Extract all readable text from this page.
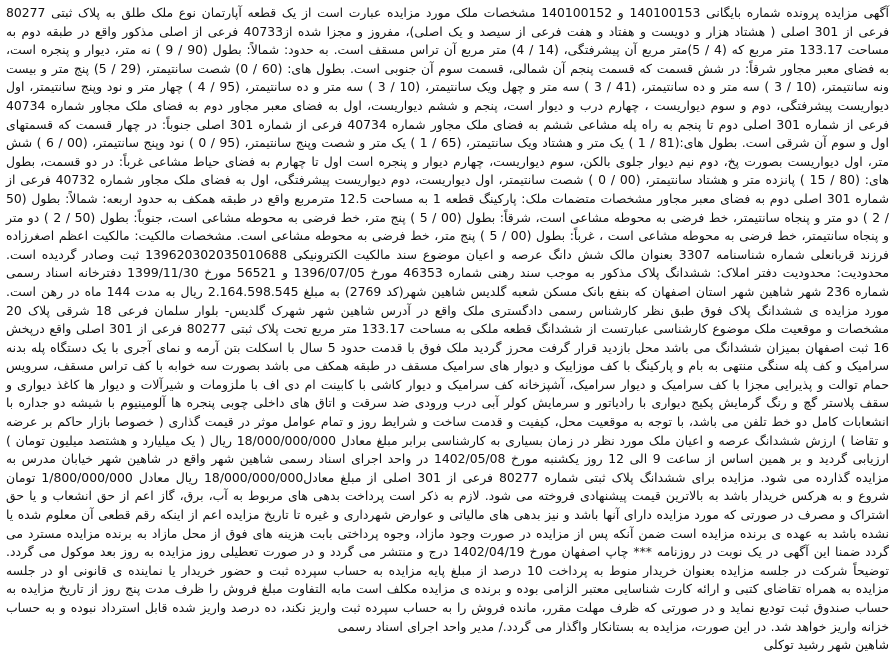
آگهی مزایده پرونده شماره بایگانی 140100153 و 140100152 مشخصات ملک مورد مزایده عبارت است از یک قطعه آپارتمان نوع ملک طلق به پلاک ثبتی 80277 فرعی از 301 اصلی ( هشتاد هزار و دویست و هفتاد و هفت فرعی از سیصد و یک اصلی)، مفروز و مجزا شده از40733 فرعی از اصلی مذکور واقع در طبقه دوم به مساحت 133.17 متر مربع که (4 / 5)متر مربع آن پیشرفتگی، (14 / 4) متر مربع آن تراس مسقف است. به حدود: شمالاً: بطول (90 / 9 ) نه متر، دیوار و پنجره است، به فضای معبر مجاور شرقاً: در شش قسمت که قسمت پنجم آن شمالی، قسمت سوم آن جنوبی است. بطول های: (60 / 0) شصت سانتیمتر، (29 / 5) پنج متر و بیست ونه سانتیمتر، (10 / 3 ) سه متر و ده سانتیمتر، (41 / 3 ) سه متر و چهل ویک سانتیمتر، (10 / 3 ) سه متر و ده سانتیمتر، (95 / 4 ) چهار متر و نود وپنج سانتیمتر، اول دیواریست پیشرفتگی، دوم و سوم دیواریست ، چهارم درب و دیوار است، پنجم و ششم دیواریست، اول به فضای معبر مجاور دوم به فضای ملک مجاور شماره 40734 فرعی از شماره 301 اصلی دوم تا پنجم به راه پله مشاعی ششم به فضای ملک مجاور شماره 40734 فرعی از شماره 301 اصلی جنوباً: در چهار قسمت که قسمتهای اول و سوم آن شرقی است. بطول های:(81 / 1 ) یک متر و هشتاد ویک سانتیمتر، (65 / 1 ) یک متر و شصت وپنج سانتیمتر، (95 / 0 ) نود وپنج سانتیمتر، (00 / 6 ) شش متر، اول دیواریست بصورت پخ، دوم نیم دیوار جلوی بالکن، سوم دیواریست، چهارم دیوار و پنجره است اول تا چهارم به فضای حیاط مشاعی غرباً: در دو قسمت، بطول های: (80 / 15 ) پانزده متر و هشتاد سانتیمتر، (00 / 0 ) شصت سانتیمتر، اول دیواریست، دوم دیواریست پیشرفتگی، اول به فضای ملک مجاور شماره 40732 فرعی از شماره 301 اصلی دوم به فضای معبر مجاور مشخصات متضمات ملک: پارکینگ قطعه 1 به مساحت 12.5 مترمربع واقع در طبقه همکف به حدود اربعه: شمالاً: بطول (50 / 2 ) دو متر و پنجاه سانتیمتر، خط فرضی به محوطه مشاعی است، شرقاً: بطول (00 / 5 ) پنج متر، خط فرضی به محوطه مشاعی است، جنوباً: بطول (50 / 2 ) دو متر و پنجاه سانتیمتر، خط فرضی به محوطه مشاعی است ، غرباً: بطول (00 / 5 ) پنج متر، خط فرضی به محوطه مشاعی است. مشخصات مالکیت: مالکیت اعظم اصغرزاده فرزند قربانعلی شماره شناسنامه 3307 بعنوان مالک شش دانگ عرصه و اعیان موضوع سند مالکیت الکترونیکی 139620302035010688 ثبت وصادر گردیده است. محدودیت: محدودیت دفتر املاک: ششدانگ پلاک مذکور به موجب سند رهنی شماره 46353 مورخ 1396/07/05 و 56521 مورخ 1399/11/30 دفترخانه اسناد رسمی شماره 236 شهر شاهین شهر استان اصفهان که بنفع بانک مسکن شعبه گلدیس شاهین شهر(کد 2769) به مبلغ 2.164.598.545 ریال به مدت 144 ماه در رهن است. مورد مزایده ی ششدانگ پلاک فوق طبق نظر کارشناس رسمی دادگستری ملک واقع در آدرس شاهین شهر شهرک گلدیس- بلوار سلمان فرعی 18 شرقی پلاک 20 مشخصات و موقعیت ملک موضوع کارشناسی عبارتست از ششدانگ قطعه ملکی به مساحت 133.17 متر مربع تحت پلاک ثبتی 80277 فرعی از 301 اصلی واقع درپخش 16 ثبت اصفهان بمیزان ششدانگ می باشد محل بازدید قرار گرفت محرز گردید ملک فوق با قدمت حدود 5 سال با اسکلت بتن آرمه و نمای آجری با یک دستگاه پله بدنه سرامیک و کف پله سنگی منتهی به بام و پارکینگ با کف موزاییک و دیوار های سرامیک مسقف در طبقه همکف می باشد بصورت سه خوابه با کف تراس مسقف، سرویس حمام توالت و پذیرایی مجزا با کف سرامیک و دیوار سرامیک، آشپزخانه کف سرامیک و دیوار کاشی با کابینت ام دی اف با ملزومات و شیرآلات و دیوار ها کاغذ دیواری و سقف پلاستر گچ و رنگ گرمایش پکیج دیواری با رادیاتور و سرمایش کولر آبی درب ورودی ضد سرقت و اتاق های داخلی چوبی پنجره ها آلومینیوم با شیشه دو جداره با انشعابات کامل دو خط تلفن می باشد، با توجه به موقعیت محل، کیفیت و قدمت ساخت و شرایط روز و تمام عوامل موثر در قیمت گذاری ( خصوصا بازار حاکم بر عرضه و تقاضا ) ارزش ششدانگ عرصه و اعیان ملک مورد نظر در زمان بسیاری به کارشناسی برابر مبلغ معادل 18/000/000/000 ریال ( یک میلیارد و هشتصد میلیون تومان ) ارزیابی گردید و بر همین اساس از ساعت 9 الی 12 روز یکشنبه مورخ 1402/05/08 در واحد اجرای اسناد رسمی شاهین شهر واقع در شاهین شهر خیابان مدرس به مزایده گذارده می شود. مزایده برای ششدانگ پلاک ثبتی شماره 80277 فرعی از 301 اصلی از مبلغ معادل18/000/000/000 ریال معادل 1/800/000/000 تومان شروع و به هرکس خریدار باشد به بالاترین قیمت پیشنهادی فروخته می شود. لازم به ذکر است پرداخت بدهی های مربوط به آب، برق، گاز اعم از حق انشعاب و یا حق اشتراک و مصرف در صورتی که مورد مزایده دارای آنها باشد و نیز بدهی های مالیاتی و عوارض شهرداری و غیره تا تاریخ مزایده اعم از اینکه رقم قطعی آن معلوم شده یا نشده باشد به عهده ی برنده مزایده است ضمن آنکه پس از مزایده در صورت وجود مازاد، وجوه پرداختی بابت هزینه های فوق از محل مازاد به برنده مزایده مسترد می گردد ضمنا این آگهی در یک نوبت در روزنامه *** چاپ اصفهان مورخ 1402/04/19 درج و منتشر می گردد و در صورت تعطیلی روز مزایده به روز بعد موکول می گردد. توضیحاً شرکت در جلسه مزایده بعنوان خریدار منوط به پرداخت 10 درصد از مبلغ پایه مزایده به حساب سپرده ثبت و حضور خریدار یا نماینده ی قانونی او در جلسه مزایده به همراه تقاضای کتبی و ارائه کارت شناسایی معتبر الزامی بوده و برنده ی مزایده مکلف است مابه التفاوت مبلغ فروش را ظرف مدت پنج روز از تاریخ مزایده به حساب صندوق ثبت تودیع نماید و در صورتی که ظرف مهلت مقرر، مانده فروش را به حساب سپرده ثبت واریز نکند، ده درصد واریز شده قابل استرداد نبوده و به حساب خزانه واریز خواهد شد. در این صورت، مزایده به بستانکار واگذار می گردد./ مدیر واحد اجرای اسناد رسمی

شاهین شهر رشید توکلی
